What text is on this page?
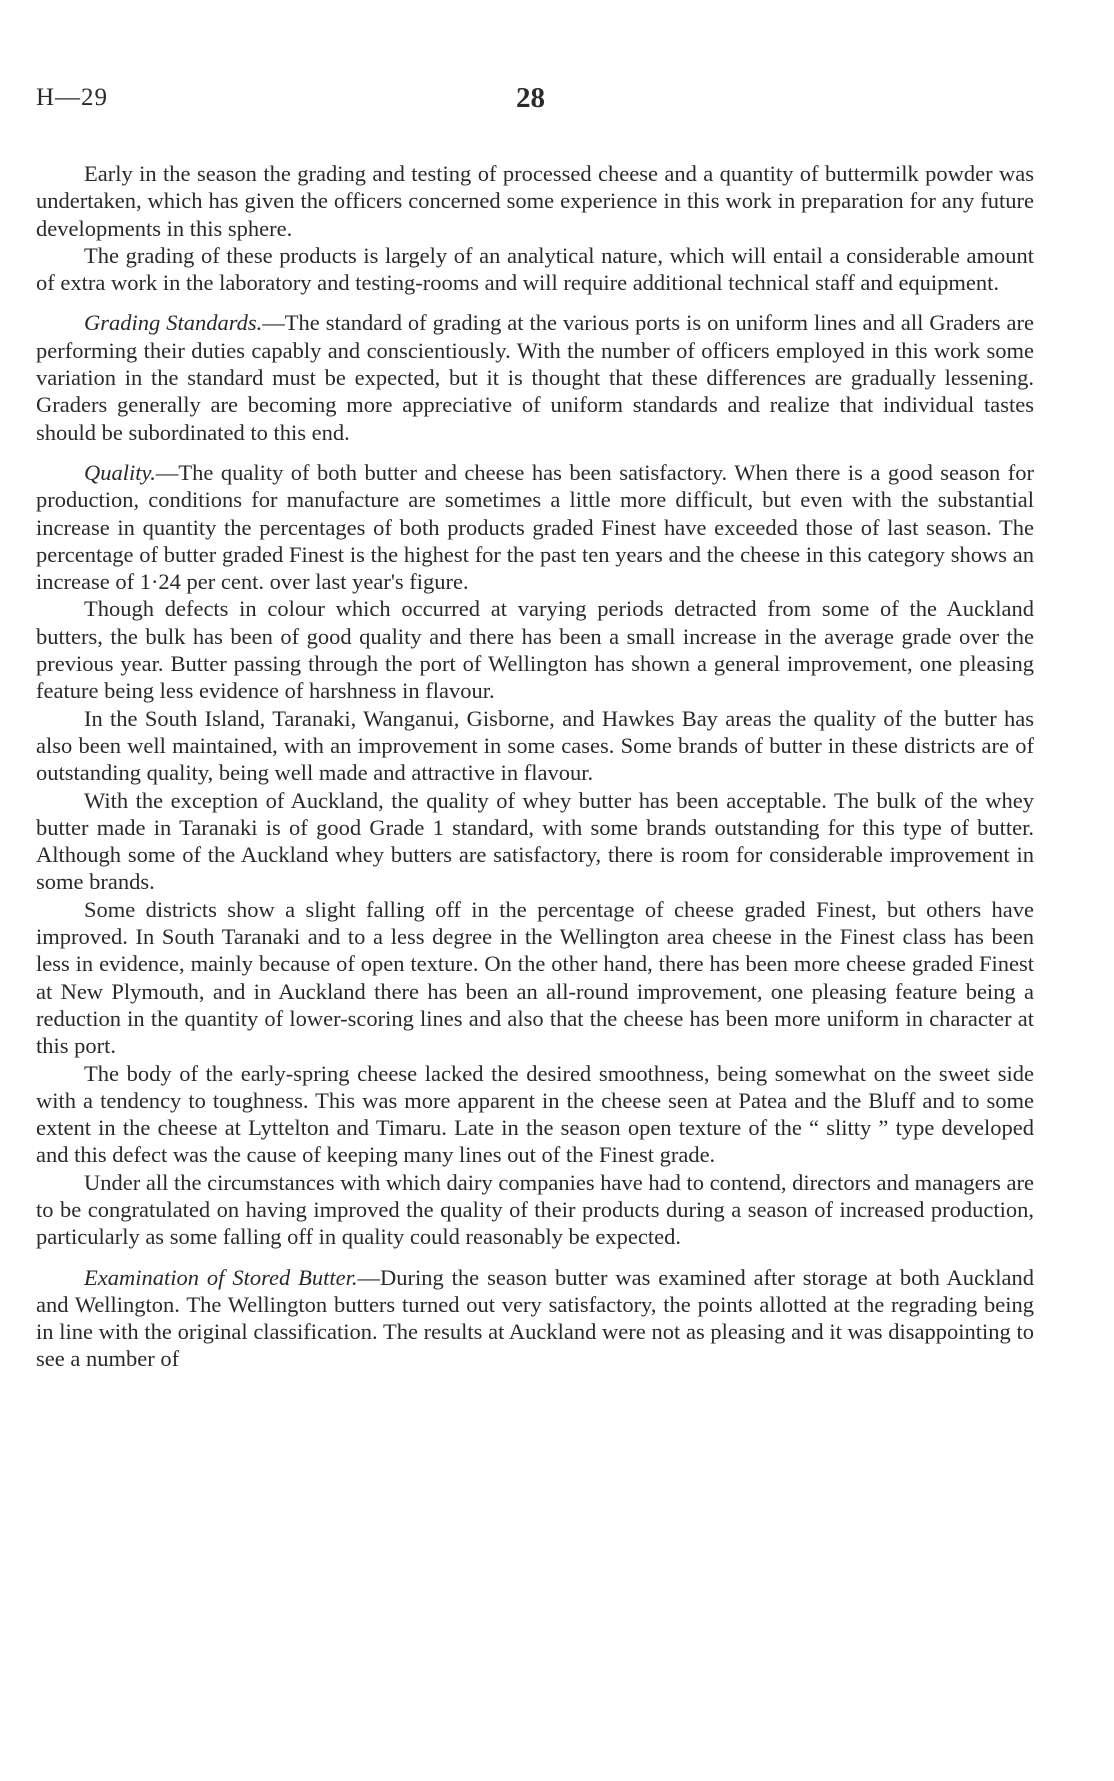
H—29	28

Early in the season the grading and testing of processed cheese and a quantity of buttermilk powder was undertaken, which has given the officers concerned some experience in this work in preparation for any future developments in this sphere.

The grading of these products is largely of an analytical nature, which will entail a considerable amount of extra work in the laboratory and testing-rooms and will require additional technical staff and equipment.

Grading Standards.—The standard of grading at the various ports is on uniform lines and all Graders are performing their duties capably and conscientiously. With the number of officers employed in this work some variation in the standard must be expected, but it is thought that these differences are gradually lessening. Graders generally are becoming more appreciative of uniform standards and realize that individual tastes should be subordinated to this end.

Quality.—The quality of both butter and cheese has been satisfactory. When there is a good season for production, conditions for manufacture are sometimes a little more difficult, but even with the substantial increase in quantity the percentages of both products graded Finest have exceeded those of last season. The percentage of butter graded Finest is the highest for the past ten years and the cheese in this category shows an increase of 1·24 per cent. over last year's figure.

Though defects in colour which occurred at varying periods detracted from some of the Auckland butters, the bulk has been of good quality and there has been a small increase in the average grade over the previous year. Butter passing through the port of Wellington has shown a general improvement, one pleasing feature being less evidence of harshness in flavour.

In the South Island, Taranaki, Wanganui, Gisborne, and Hawkes Bay areas the quality of the butter has also been well maintained, with an improvement in some cases. Some brands of butter in these districts are of outstanding quality, being well made and attractive in flavour.

With the exception of Auckland, the quality of whey butter has been acceptable. The bulk of the whey butter made in Taranaki is of good Grade 1 standard, with some brands outstanding for this type of butter. Although some of the Auckland whey butters are satisfactory, there is room for considerable improvement in some brands.

Some districts show a slight falling off in the percentage of cheese graded Finest, but others have improved. In South Taranaki and to a less degree in the Wellington area cheese in the Finest class has been less in evidence, mainly because of open texture. On the other hand, there has been more cheese graded Finest at New Plymouth, and in Auckland there has been an all-round improvement, one pleasing feature being a reduction in the quantity of lower-scoring lines and also that the cheese has been more uniform in character at this port.

The body of the early-spring cheese lacked the desired smoothness, being somewhat on the sweet side with a tendency to toughness. This was more apparent in the cheese seen at Patea and the Bluff and to some extent in the cheese at Lyttelton and Timaru. Late in the season open texture of the “ slitty ” type developed and this defect was the cause of keeping many lines out of the Finest grade.

Under all the circumstances with which dairy companies have had to contend, directors and managers are to be congratulated on having improved the quality of their products during a season of increased production, particularly as some falling off in quality could reasonably be expected.

Examination of Stored Butter.—During the season butter was examined after storage at both Auckland and Wellington. The Wellington butters turned out very satisfactory, the points allotted at the regrading being in line with the original classification. The results at Auckland were not as pleasing and it was disappointing to see a number of
